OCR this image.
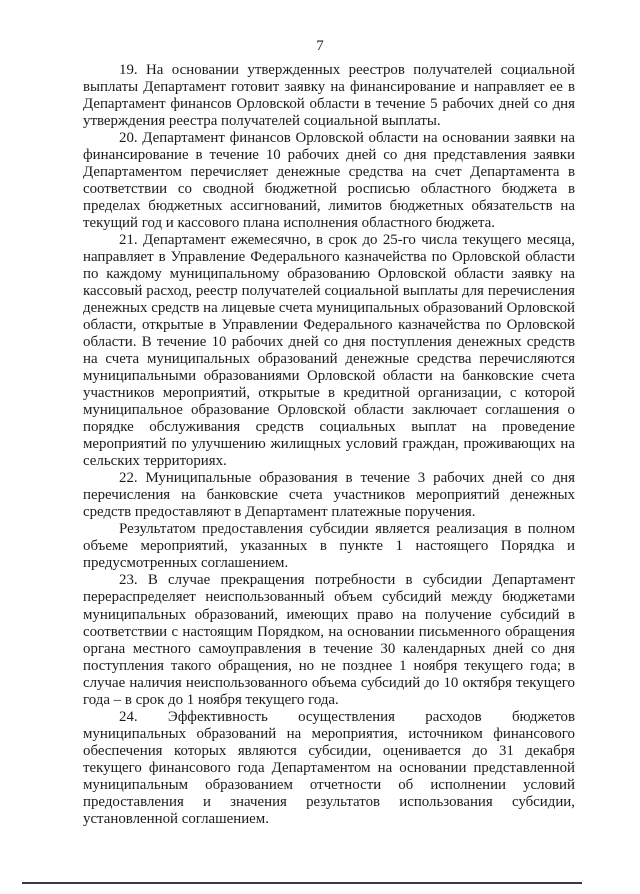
7

19. На основании утвержденных реестров получателей социальной выплаты Департамент готовит заявку на финансирование и направляет ее в Департамент финансов Орловской области в течение 5 рабочих дней со дня утверждения реестра получателей социальной выплаты.

20. Департамент финансов Орловской области на основании заявки на финансирование в течение 10 рабочих дней со дня представления заявки Департаментом перечисляет денежные средства на счет Департамента в соответствии со сводной бюджетной росписью областного бюджета в пределах бюджетных ассигнований, лимитов бюджетных обязательств на текущий год и кассового плана исполнения областного бюджета.

21. Департамент ежемесячно, в срок до 25-го числа текущего месяца, направляет в Управление Федерального казначейства по Орловской области по каждому муниципальному образованию Орловской области заявку на кассовый расход, реестр получателей социальной выплаты для перечисления денежных средств на лицевые счета муниципальных образований Орловской области, открытые в Управлении Федерального казначейства по Орловской области. В течение 10 рабочих дней со дня поступления денежных средств на счета муниципальных образований денежные средства перечисляются муниципальными образованиями Орловской области на банковские счета участников мероприятий, открытые в кредитной организации, с которой муниципальное образование Орловской области заключает соглашения о порядке обслуживания средств социальных выплат на проведение мероприятий по улучшению жилищных условий граждан, проживающих на сельских территориях.

22. Муниципальные образования в течение 3 рабочих дней со дня перечисления на банковские счета участников мероприятий денежных средств предоставляют в Департамент платежные поручения.

Результатом предоставления субсидии является реализация в полном объеме мероприятий, указанных в пункте 1 настоящего Порядка и предусмотренных соглашением.

23. В случае прекращения потребности в субсидии Департамент перераспределяет неиспользованный объем субсидий между бюджетами муниципальных образований, имеющих право на получение субсидий в соответствии с настоящим Порядком, на основании письменного обращения органа местного самоуправления в течение 30 календарных дней со дня поступления такого обращения, но не позднее 1 ноября текущего года; в случае наличия неиспользованного объема субсидий до 10 октября текущего года – в срок до 1 ноября текущего года.

24. Эффективность осуществления расходов бюджетов муниципальных образований на мероприятия, источником финансового обеспечения которых являются субсидии, оценивается до 31 декабря текущего финансового года Департаментом на основании представленной муниципальным образованием отчетности об исполнении условий предоставления и значения результатов использования субсидии, установленной соглашением.
